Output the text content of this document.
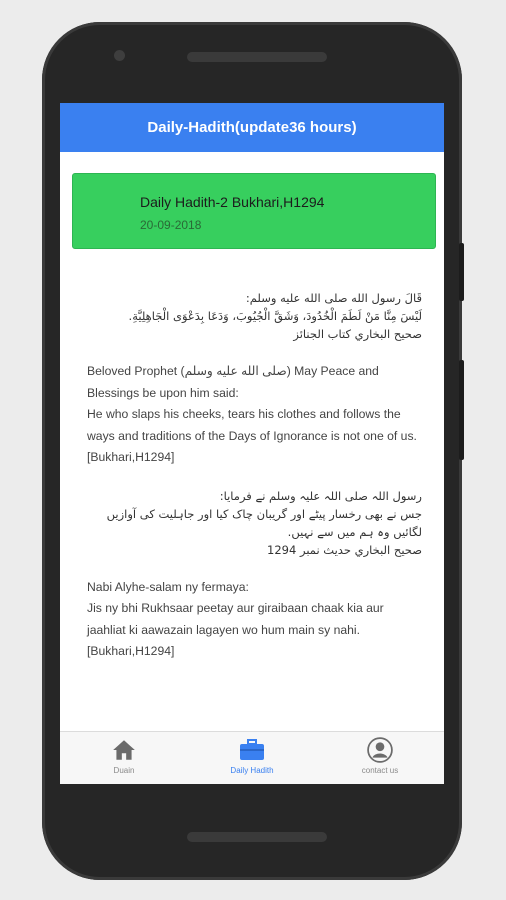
Daily-Hadith(update36 hours)
Daily Hadith-2 Bukhari,H1294
20-09-2018

قَالَ رسول الله صلى الله عليه وسلم:

لَيْسَ مِنَّا مَنْ لَطَمَ الْخُدُودَ، وَشَقَّ الْجُيُوبَ، وَدَعَا بِدَعْوَى الْجَاهِلِيَّةِ.

صحيح البخاري كتاب الجنائز

Beloved Prophet (صلى الله عليه وسلم) May Peace and Blessings be upon him said:

He who slaps his cheeks, tears his clothes and follows the ways and traditions of the Days of Ignorance is not one of us.

[Bukhari,H1294]

رسول اللہ صلی اللہ علیہ وسلم نے فرمایا:

جس نے بھی رخسار پیٹے اور گریبان چاک کیا اور جاہلیت کی آوازیں لگائیں وہ ہم میں سے نہیں.

صحیح البخاري حدیث نمبر 1294

Nabi Alyhe-salam ny fermaya:

Jis ny bhi Rukhsaar peetay aur giraibaan chaak kia aur jaahliat ki aawazain lagayen wo hum main sy nahi.

[Bukhari,H1294]

Duain	Daily Hadith	contact us
